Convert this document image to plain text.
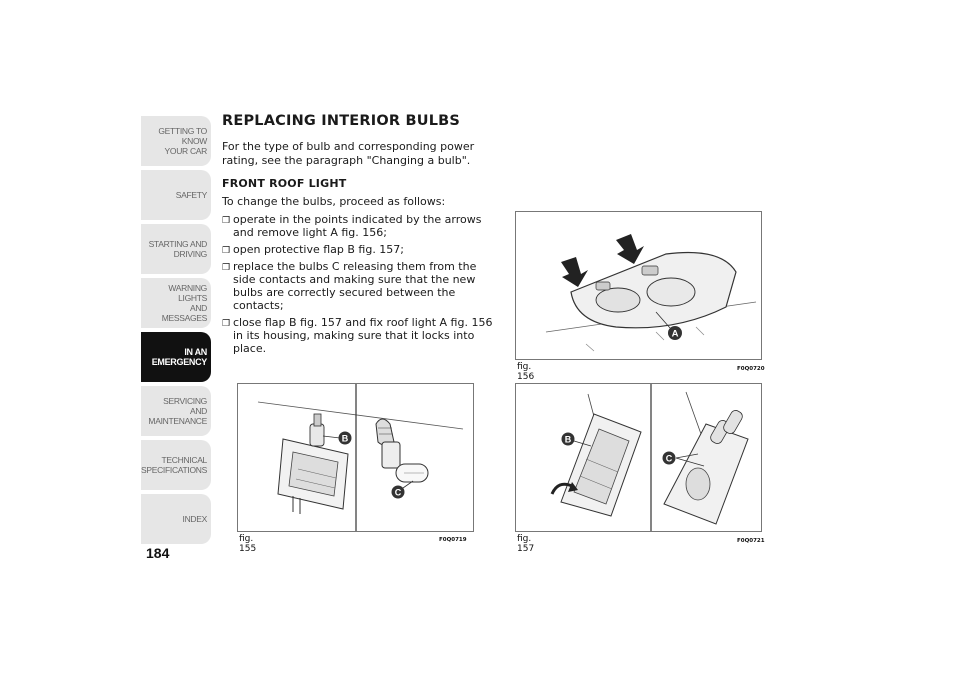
GETTING TO KNOW
YOUR CAR
SAFETY
STARTING AND
DRIVING
WARNING LIGHTS
AND MESSAGES
IN AN
EMERGENCY
SERVICING AND
MAINTENANCE
TECHNICAL
SPECIFICATIONS
INDEX
184
REPLACING INTERIOR BULBS
For the type of bulb and corresponding power rating, see the paragraph "Changing a bulb".
FRONT ROOF LIGHT
To change the bulbs, proceed as follows:
❒ operate in the points indicated by the arrows and remove light A fig. 156;
❒ open protective flap B fig. 157;
❒ replace the bulbs C releasing them from the side contacts and making sure that the new bulbs are correctly secured between the contacts;
❒ close flap B fig. 157 and fix roof light A fig. 156 in its housing, making sure that it locks into place.
B
C
fig. 155
F0Q0719
A
fig. 156
F0Q0720
B
C
fig. 157
F0Q0721
